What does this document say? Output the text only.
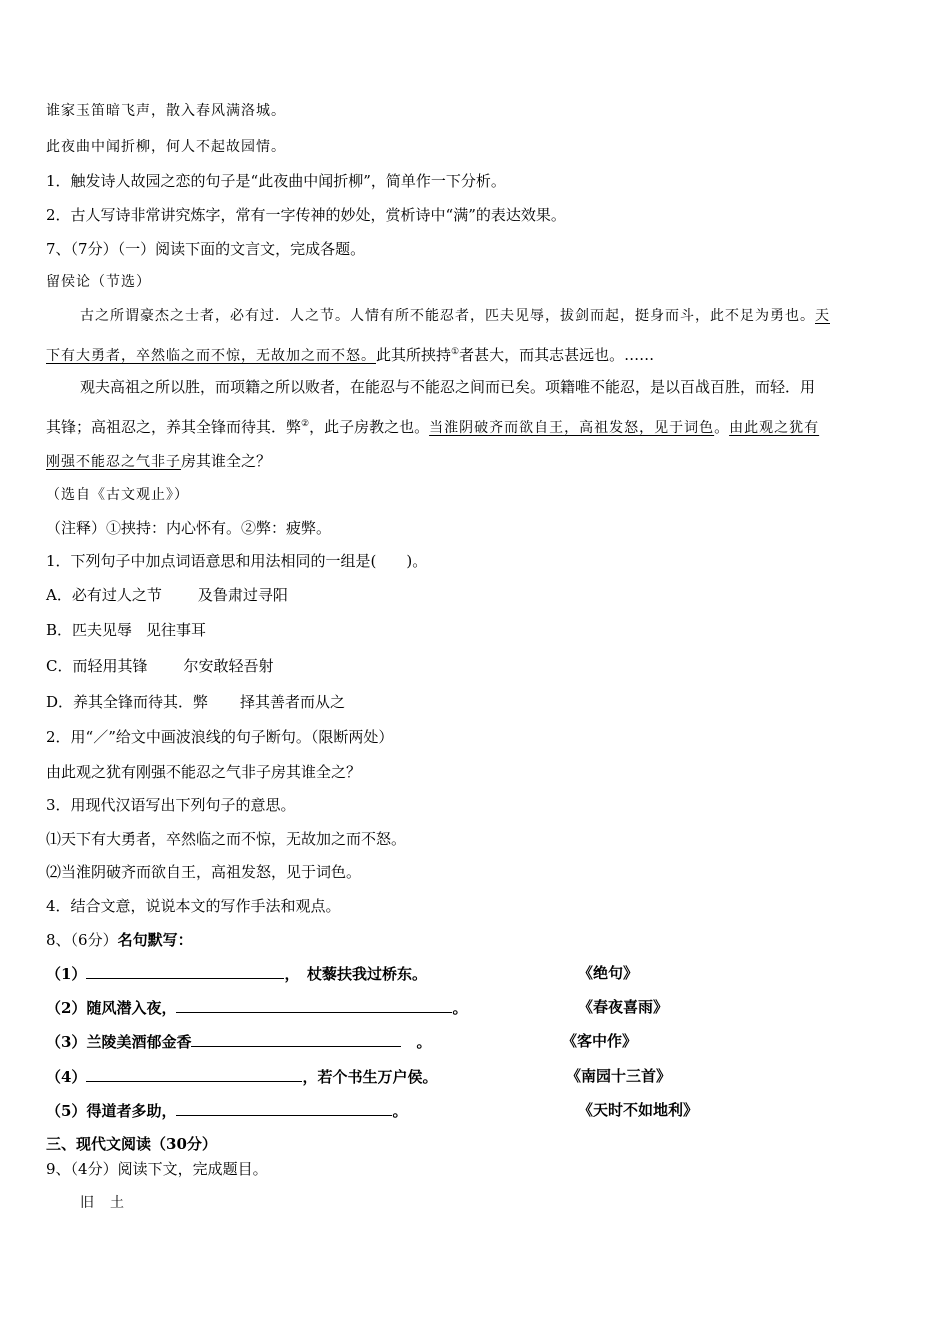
谁家玉笛暗飞声，散入春风满洛城。
此夜曲中闻折柳，何人不起故园情。
1．触发诗人故园之恋的句子是“此夜曲中闻折柳”，简单作一下分析。
2．古人写诗非常讲究炼字，常有一字传神的妙处，赏析诗中“满”的表达效果。
7、（7分）（一）阅读下面的文言文，完成各题。
留侯论（节选）
古之所谓豪杰之士者，必有过．人之节。人情有所不能忍者，匹夫见辱，拔剑而起，挺身而斗，此不足为勇也。天
下有大勇者，卒然临之而不惊，无故加之而不怒。此其所挟持①者甚大，而其志甚远也。……
观夫高祖之所以胜，而项籍之所以败者，在能忍与不能忍之间而已矣。项籍唯不能忍，是以百战百胜，而轻．用
其锋；高祖忍之，养其全锋而待其．弊②，此子房教之也。当淮阴破齐而欲自王，高祖发怒，见于词色。由此观之犹有
刚强不能忍之气非子房其谁全之？
（选自《古文观止》）
（注释）①挟持：内心怀有。②弊：疲弊。
1．下列句子中加点词语意思和用法相同的一组是(　　)。
A．必有过人之节 及鲁肃过寻阳
B．匹夫见辱 见往事耳
C．而轻用其锋 尔安敢轻吾射
D．养其全锋而待其．弊 择其善者而从之
2．用“／”给文中画波浪线的句子断句。（限断两处）
由此观之犹有刚强不能忍之气非子房其谁全之？
3．用现代汉语写出下列句子的意思。
⑴天下有大勇者，卒然临之而不惊，无故加之而不怒。
⑵当淮阴破齐而欲自王，高祖发怒，见于词色。
4．结合文意，说说本文的写作手法和观点。
8、（6分）名句默写：
（1）	，　杖藜扶我过桥东。	《绝句》
（2）随风潜入夜，	。	《春夜喜雨》
（3）兰陵美酒郁金香	　。	《客中作》
（4）	，若个书生万户侯。	《南园十三首》
（5）得道者多助，	。	《天时不如地利》
三、现代文阅读（30分）
9、（4分）阅读下文，完成题目。
旧　土
